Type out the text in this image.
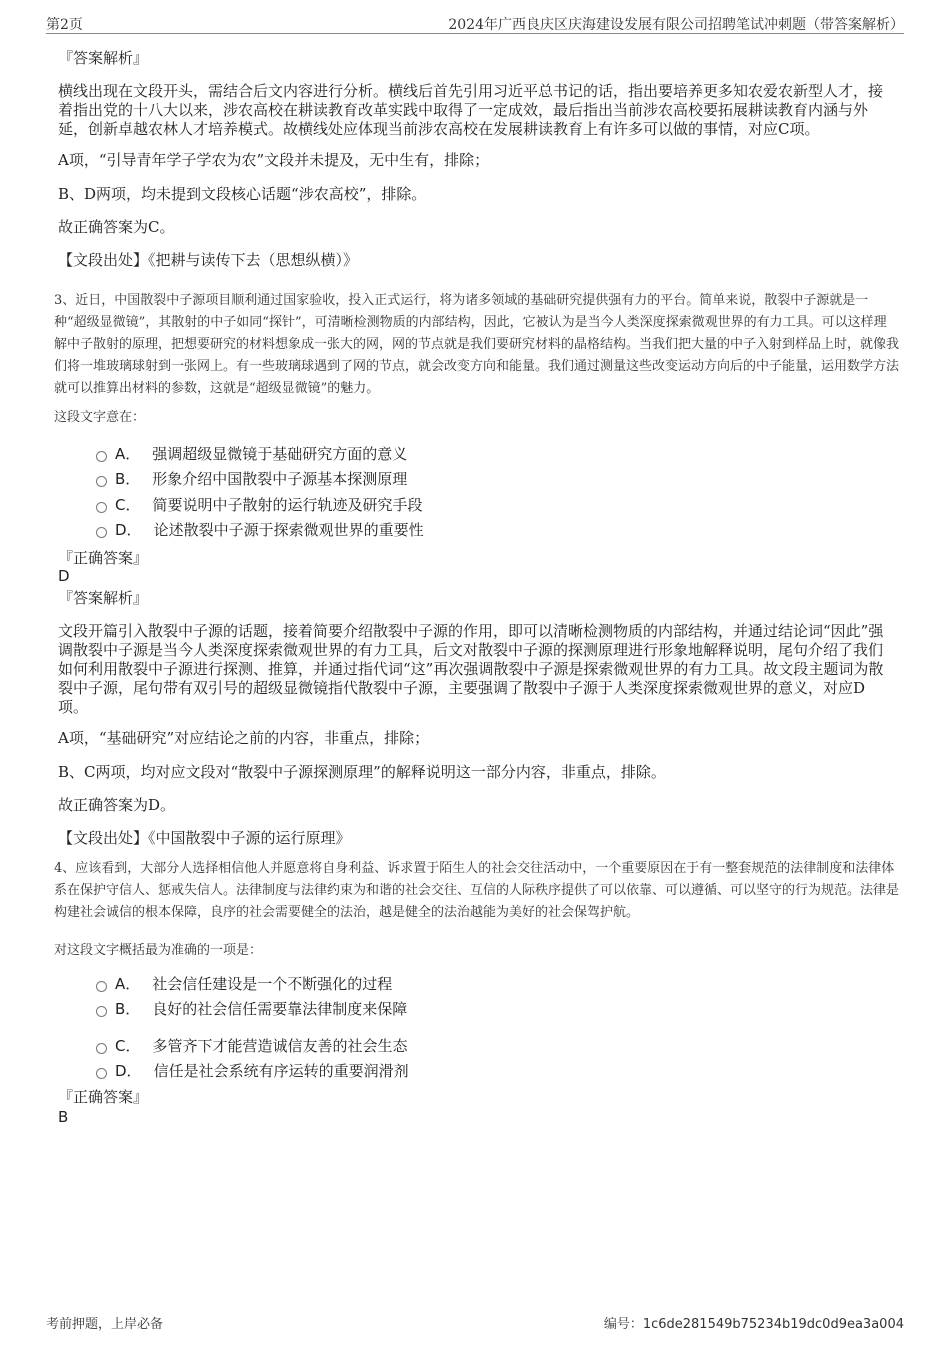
第2页	2024年广西良庆区庆海建设发展有限公司招聘笔试冲刺题（带答案解析）
『答案解析』
横线出现在文段开头，需结合后文内容进行分析。横线后首先引用习近平总书记的话，指出要培养更多知农爱农新型人才，接着指出党的十八大以来，涉农高校在耕读教育改革实践中取得了一定成效，最后指出当前涉农高校要拓展耕读教育内涵与外延，创新卓越农林人才培养模式。故横线处应体现当前涉农高校在发展耕读教育上有许多可以做的事情，对应C项。
A项，“引导青年学子学农为农”文段并未提及，无中生有，排除；
B、D两项，均未提到文段核心话题“涉农高校”，排除。
故正确答案为C。
【文段出处】《把耕与读传下去（思想纵横）》
3、近日，中国散裂中子源项目顺利通过国家验收，投入正式运行，将为诸多领域的基础研究提供强有力的平台。简单来说，散裂中子源就是一种“超级显微镜”，其散射的中子如同“探针”，可清晰检测物质的内部结构，因此，它被认为是当今人类深度探索微观世界的有力工具。可以这样理解中子散射的原理，把想要研究的材料想象成一张大的网，网的节点就是我们要研究材料的晶格结构。当我们把大量的中子入射到样品上时，就像我们将一堆玻璃球射到一张网上。有一些玻璃球遇到了网的节点，就会改变方向和能量。我们通过测量这些改变运动方向后的中子能量，运用数学方法就可以推算出材料的参数，这就是“超级显微镜”的魅力。
这段文字意在：
A． 强调超级显微镜于基础研究方面的意义
B． 形象介绍中国散裂中子源基本探测原理
C． 简要说明中子散射的运行轨迹及研究手段
D． 论述散裂中子源于探索微观世界的重要性
『正确答案』
D
『答案解析』
文段开篇引入散裂中子源的话题，接着简要介绍散裂中子源的作用，即可以清晰检测物质的内部结构，并通过结论词“因此”强调散裂中子源是当今人类深度探索微观世界的有力工具，后文对散裂中子源的探测原理进行形象地解释说明，尾句介绍了我们如何利用散裂中子源进行探测、推算，并通过指代词“这”再次强调散裂中子源是探索微观世界的有力工具。故文段主题词为散裂中子源，尾句带有双引号的超级显微镜指代散裂中子源，主要强调了散裂中子源于人类深度探索微观世界的意义，对应D项。
A项，“基础研究”对应结论之前的内容，非重点，排除；
B、C两项，均对应文段对“散裂中子源探测原理”的解释说明这一部分内容，非重点，排除。
故正确答案为D。
【文段出处】《中国散裂中子源的运行原理》
4、应该看到，大部分人选择相信他人并愿意将自身利益、诉求置于陌生人的社会交往活动中，一个重要原因在于有一整套规范的法律制度和法律体系在保护守信人、惩戒失信人。法律制度与法律约束为和谐的社会交往、互信的人际秩序提供了可以依靠、可以遵循、可以坚守的行为规范。法律是构建社会诚信的根本保障，良序的社会需要健全的法治，越是健全的法治越能为美好的社会保驾护航。
对这段文字概括最为准确的一项是：
A． 社会信任建设是一个不断强化的过程
B． 良好的社会信任需要靠法律制度来保障
C． 多管齐下才能营造诚信友善的社会生态
D． 信任是社会系统有序运转的重要润滑剂
『正确答案』
B
考前押题，上岸必备	编号：1c6de281549b75234b19dc0d9ea3a004
